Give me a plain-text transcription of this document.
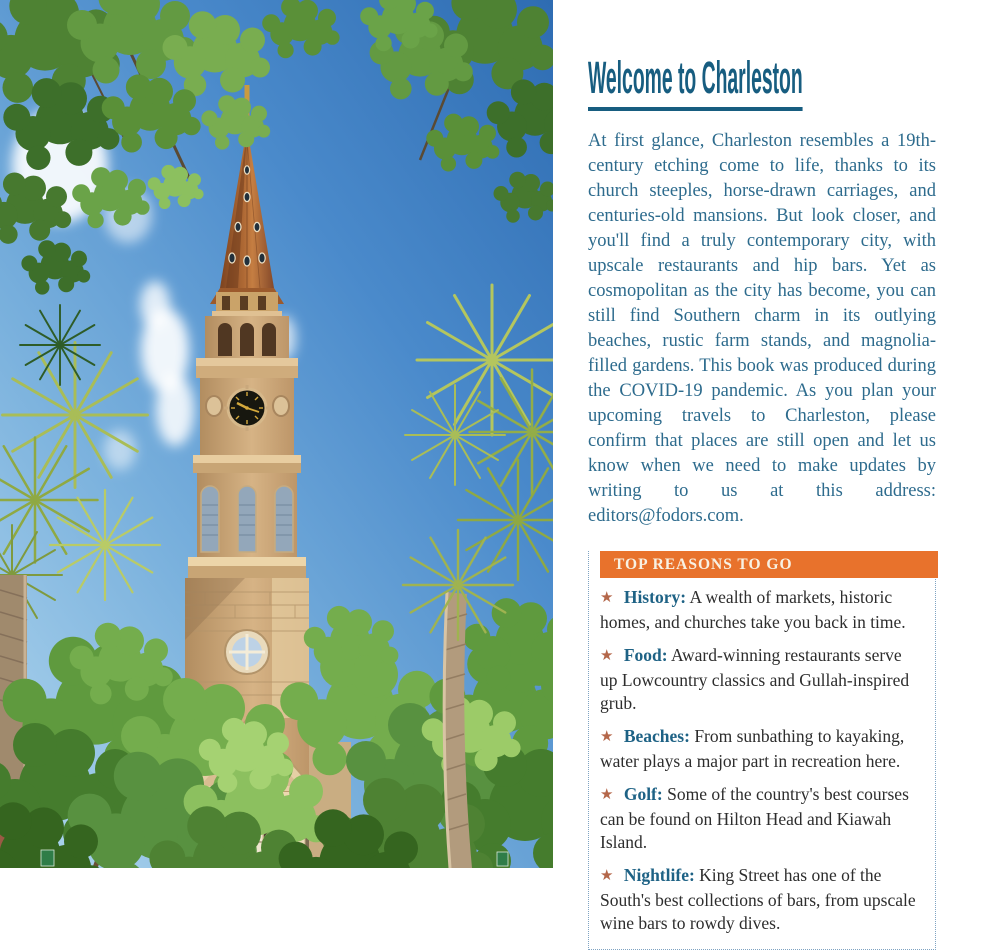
Welcome to Charleston

At first glance, Charleston resembles a 19th-century etching come to life, thanks to its church steeples, horse-drawn carriages, and centuries-old mansions. But look closer, and you'll find a truly contemporary city, with upscale restaurants and hip bars. Yet as cosmopolitan as the city has become, you can still find Southern charm in its outlying beaches, rustic farm stands, and magnolia-filled gardens. This book was produced during the COVID-19 pandemic. As you plan your upcoming travels to Charleston, please confirm that places are still open and let us know when we need to make updates by writing to us at this address: editors@fodors.com.

TOP REASONS TO GO
★ History: A wealth of markets, historic homes, and churches take you back in time.
★ Food: Award-winning restaurants serve up Lowcountry classics and Gullah-inspired grub.
★ Beaches: From sunbathing to kayaking, water plays a major part in recreation here.
★ Golf: Some of the country's best courses can be found on Hilton Head and Kiawah Island.
★ Nightlife: King Street has one of the South's best collections of bars, from upscale wine bars to rowdy dives.
